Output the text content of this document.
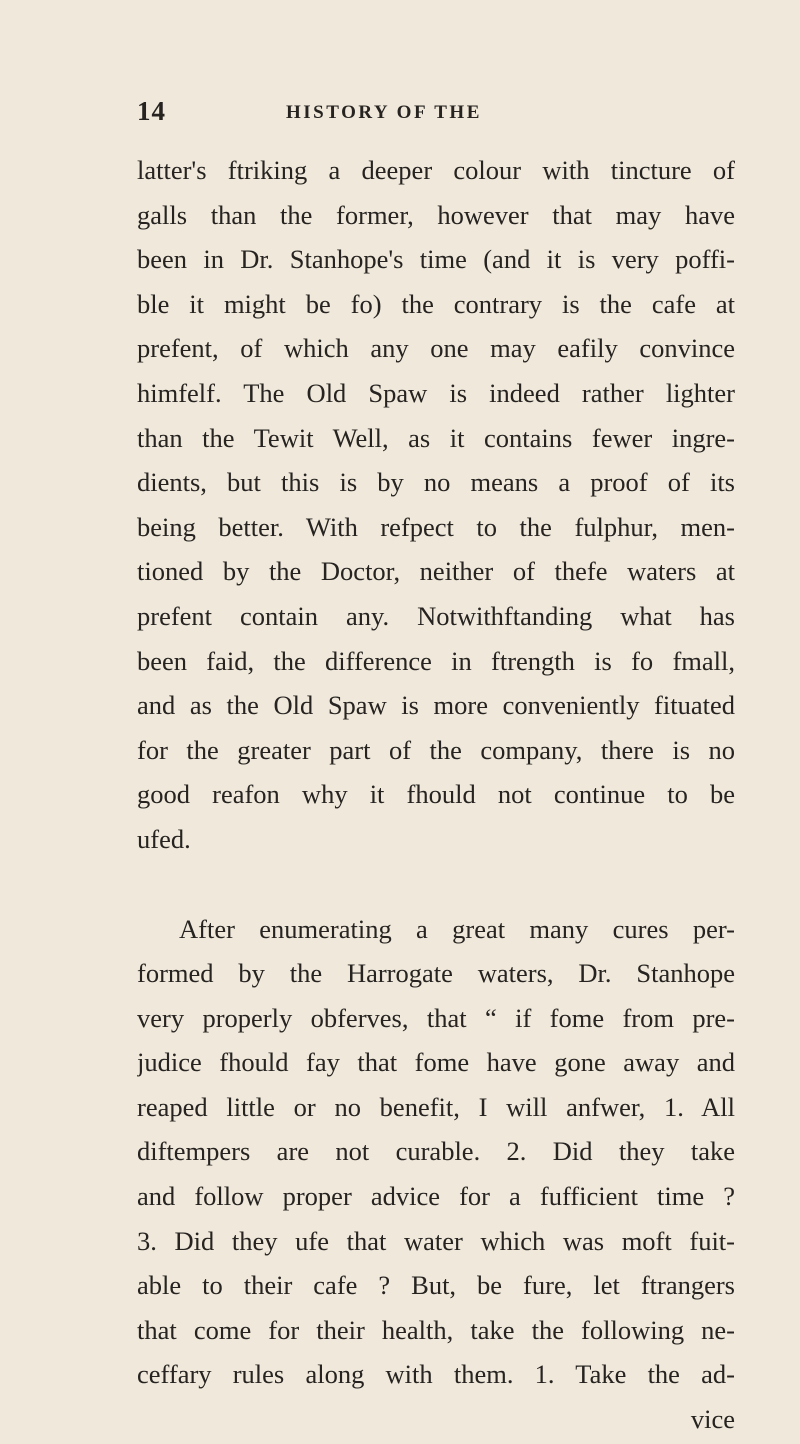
14	HISTORY OF THE
latter's ftriking a deeper colour with tincture of
galls than the former, however that may have
been in Dr. Stanhope's time (and it is very poffi-
ble it might be fo) the contrary is the cafe at
prefent, of which any one may eafily convince
himfelf. The Old Spaw is indeed rather lighter
than the Tewit Well, as it contains fewer ingre-
dients, but this is by no means a proof of its
being better. With refpect to the fulphur, men-
tioned by the Doctor, neither of thefe waters at
prefent contain any. Notwithftanding what has
been faid, the difference in ftrength is fo fmall,
and as the Old Spaw is more conveniently fituated
for the greater part of the company, there is no
good reafon why it fhould not continue to be
ufed.
After enumerating a great many cures per-
formed by the Harrogate waters, Dr. Stanhope
very properly obferves, that “ if fome from pre-
judice fhould fay that fome have gone away and
reaped little or no benefit, I will anfwer, 1. All
diftempers are not curable. 2. Did they take
and follow proper advice for a fufficient time ?
3. Did they ufe that water which was moft fuit-
able to their cafe ? But, be fure, let ftrangers
that come for their health, take the following ne-
ceffary rules along with them. 1. Take the ad-
vice
